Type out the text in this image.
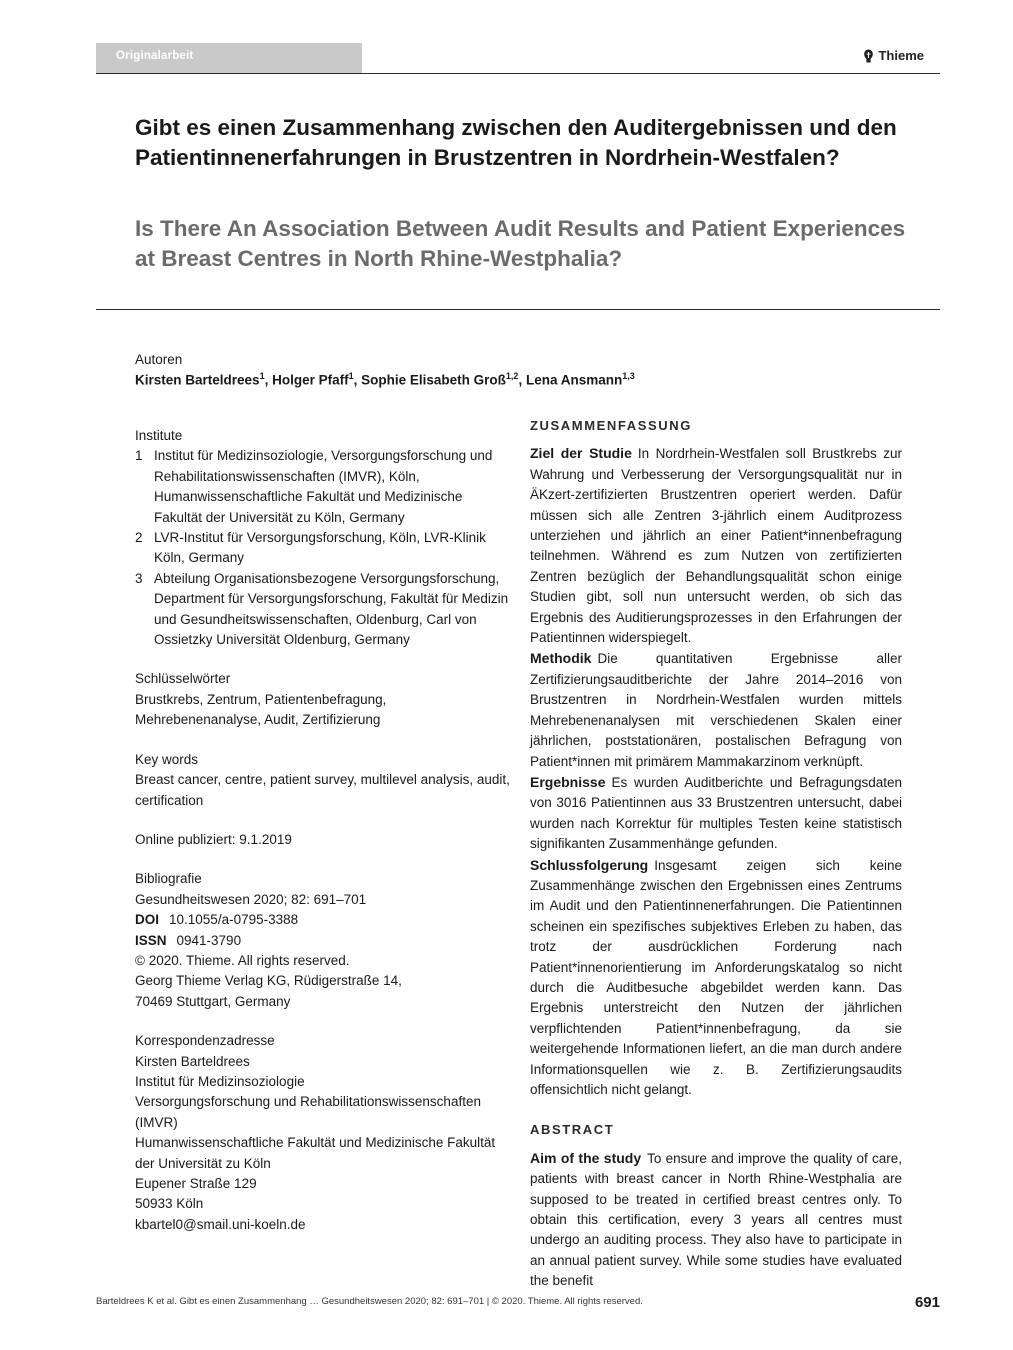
Originalarbeit	Thieme
Gibt es einen Zusammenhang zwischen den Auditergebnissen und den Patientinnenerfahrungen in Brustzentren in Nordrhein-Westfalen?
Is There An Association Between Audit Results and Patient Experiences at Breast Centres in North Rhine-Westphalia?
Autoren
Kirsten Barteldrees$^1$, Holger Pfaff$^1$, Sophie Elisabeth Groß$^{1,2}$, Lena Ansmann$^{1,3}$
Institute
1 Institut für Medizinsoziologie, Versorgungsforschung und Rehabilitationswissenschaften (IMVR), Köln, Humanwissenschaftliche Fakultät und Medizinische Fakultät der Universität zu Köln, Germany
2 LVR-Institut für Versorgungsforschung, Köln, LVR-Klinik Köln, Germany
3 Abteilung Organisationsbezogene Versorgungsforschung, Department für Versorgungsforschung, Fakultät für Medizin und Gesundheitswissenschaften, Oldenburg, Carl von Ossietzky Universität Oldenburg, Germany
Schlüsselwörter
Brustkrebs, Zentrum, Patientenbefragung, Mehrebenenanalyse, Audit, Zertifizierung
Key words
Breast cancer, centre, patient survey, multilevel analysis, audit, certification
Online publiziert: 9.1.2019
Bibliografie
Gesundheitswesen 2020; 82: 691–701
DOI 10.1055/a-0795-3388
ISSN 0941-3790
© 2020. Thieme. All rights reserved.
Georg Thieme Verlag KG, Rüdigerstraße 14,
70469 Stuttgart, Germany
Korrespondenzadresse
Kirsten Barteldrees
Institut für Medizinsoziologie
Versorgungsforschung und Rehabilitationswissenschaften (IMVR)
Humanwissenschaftliche Fakultät und Medizinische Fakultät der Universität zu Köln
Eupener Straße 129
50933 Köln
kbartel0@smail.uni-koeln.de
ZUSAMMENFASSUNG

Ziel der Studie In Nordrhein-Westfalen soll Brustkrebs zur Wahrung und Verbesserung der Versorgungsqualität nur in ÄKzert-zertifizierten Brustzentren operiert werden. Dafür müssen sich alle Zentren 3-jährlich einem Auditprozess unterziehen und jährlich an einer Patient*innenbefragung teilnehmen. Während es zum Nutzen von zertifizierten Zentren bezüglich der Behandlungsqualität schon einige Studien gibt, soll nun untersucht werden, ob sich das Ergebnis des Auditierungsprozesses in den Erfahrungen der Patientinnen widerspiegelt.

Methodik Die quantitativen Ergebnisse aller Zertifizierungsauditberichte der Jahre 2014–2016 von Brustzentren in Nordrhein-Westfalen wurden mittels Mehrebenenanalysen mit verschiedenen Skalen einer jährlichen, poststationären, postalischen Befragung von Patient*innen mit primärem Mammakarzinom verknüpft.

Ergebnisse Es wurden Auditberichte und Befragungsdaten von 3016 Patientinnen aus 33 Brustzentren untersucht, dabei wurden nach Korrektur für multiples Testen keine statistisch signifikanten Zusammenhänge gefunden.

Schlussfolgerung Insgesamt zeigen sich keine Zusammenhänge zwischen den Ergebnissen eines Zentrums im Audit und den Patientinnenerfahrungen. Die Patientinnen scheinen ein spezifisches subjektives Erleben zu haben, das trotz der ausdrücklichen Forderung nach Patient*innenorientierung im Anforderungskatalog so nicht durch die Auditbesuche abgebildet werden kann. Das Ergebnis unterstreicht den Nutzen der jährlichen verpflichtenden Patient*innenbefragung, da sie weitergehende Informationen liefert, an die man durch andere Informationsquellen wie z. B. Zertifizierungsaudits offensichtlich nicht gelangt.

ABSTRACT

Aim of the study To ensure and improve the quality of care, patients with breast cancer in North Rhine-Westphalia are supposed to be treated in certified breast centres only. To obtain this certification, every 3 years all centres must undergo an auditing process. They also have to participate in an annual patient survey. While some studies have evaluated the benefit

Barteldrees K et al. Gibt es einen Zusammenhang … Gesundheitswesen 2020; 82: 691–701 | © 2020. Thieme. All rights reserved.	691
